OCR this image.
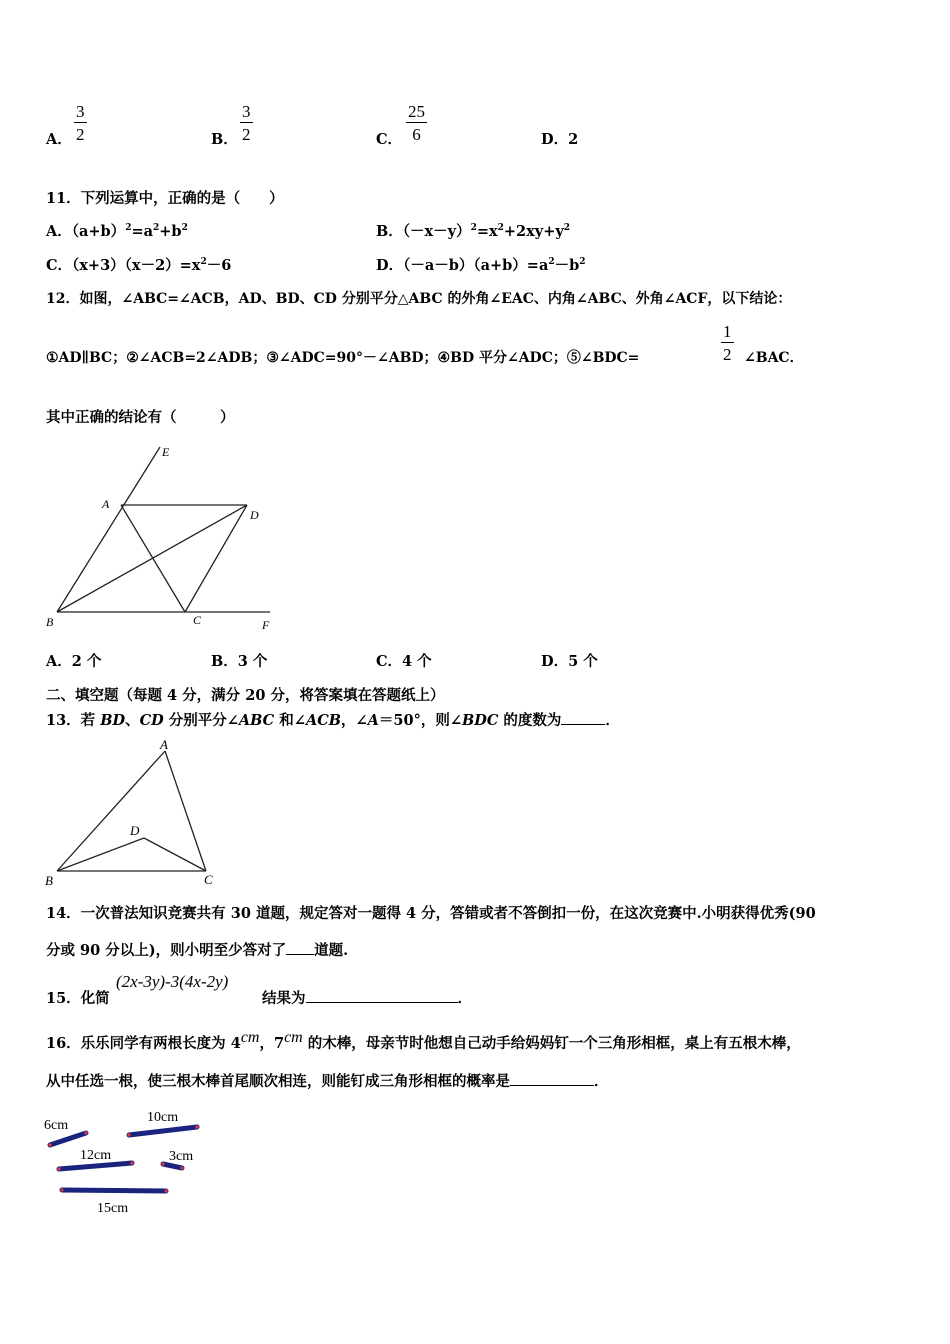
A． $\frac{3}{2}$	B． $\frac{3}{2}$	C． $\frac{25}{6}$	D．2
11．下列运算中，正确的是（　　）
A．$(a+b)^2=a^2+b^2$	B．$(-x-y)^2=x^2+2xy+y^2$
C．$(x+3)(x-2)=x^2-6$	D．$(-a-b)(a+b)=a^2-b^2$
12．如图，∠ABC=∠ACB，AD、BD、CD 分别平分△ABC 的外角∠EAC、内角∠ABC、外角∠ACF，以下结论：
①AD∥BC；②∠ACB=2∠ADB；③∠ADC=90°－∠ABD；④BD 平分∠ADC；⑤∠BDC=	$\frac{1}{2}$ ∠BAC．
其中正确的结论有（　　　）
E
A
D
B	C	F
A．2 个	B．3 个	C．4 个	D．5 个
二、填空题（每题 4 分，满分 20 分，将答案填在答题纸上）
13．若 BD、CD 分别平分∠ABC 和∠ACB，∠A＝50°，则∠BDC 的度数为	．
A
D
B	C
14．一次普法知识竞赛共有 30 道题，规定答对一题得 4 分，答错或者不答倒扣一份，在这次竞赛中.小明获得优秀(90
分或 90 分以上)，则小明至少答对了 道题.
15．化简
(2x-3y)-3(4x-2y)
结果为	．
16．乐乐同学有两根长度为 4cm，7cm 的木棒，母亲节时他想自己动手给妈妈钉一个三角形相框，桌上有五根木棒，
从中任选一根，使三根木棒首尾顺次相连，则能钉成三角形相框的概率是	．
6cm
10cm
12cm	3cm
15cm
